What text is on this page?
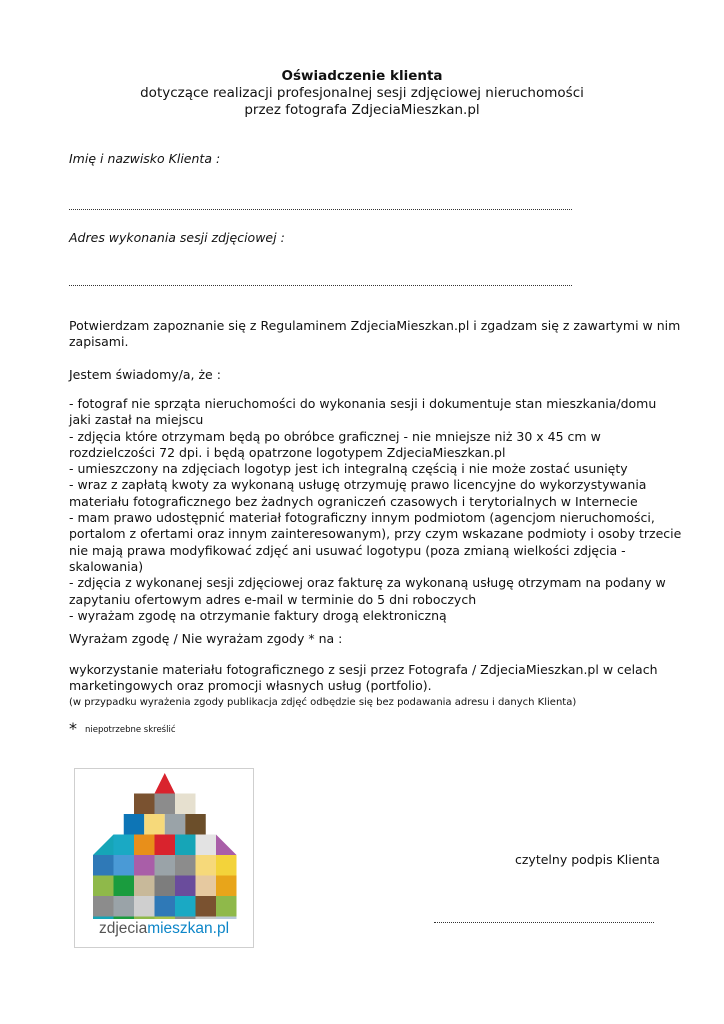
Oświadczenie klienta
dotyczące realizacji profesjonalnej sesji zdjęciowej nieruchomości
przez fotografa ZdjeciaMieszkan.pl
Imię i nazwisko Klienta :
Adres wykonania sesji zdjęciowej :
Potwierdzam zapoznanie się z Regulaminem ZdjeciaMieszkan.pl i zgadzam się z zawartymi w nim
zapisami.
Jestem świadomy/a, że :
- fotograf nie sprząta nieruchomości do wykonania sesji i dokumentuje stan mieszkania/domu
jaki zastał na miejscu
- zdjęcia które otrzymam będą po obróbce graficznej - nie mniejsze niż 30 x 45 cm w
rozdzielczości 72 dpi. i będą opatrzone logotypem ZdjeciaMieszkan.pl
- umieszczony na zdjęciach logotyp jest ich integralną częścią i nie może zostać usunięty
- wraz z zapłatą kwoty za wykonaną usługę otrzymuję prawo licencyjne do wykorzystywania
materiału fotograficznego bez żadnych ograniczeń czasowych i terytorialnych w Internecie
- mam prawo udostępnić materiał fotograficzny innym podmiotom (agencjom nieruchomości,
portalom z ofertami oraz innym zainteresowanym), przy czym wskazane podmioty i osoby trzecie
nie mają prawa modyfikować zdjęć ani usuwać logotypu (poza zmianą wielkości zdjęcia -
skalowania)
- zdjęcia z wykonanej sesji zdjęciowej oraz fakturę za wykonaną usługę otrzymam na podany w
zapytaniu ofertowym adres e-mail w terminie do 5 dni roboczych
- wyrażam zgodę na otrzymanie faktury drogą elektroniczną
Wyrażam zgodę / Nie wyrażam zgody * na :
wykorzystanie materiału fotograficznego z sesji przez Fotografa / ZdjeciaMieszkan.pl w celach
marketingowych oraz promocji własnych usług (portfolio).
(w przypadku wyrażenia zgody publikacja zdjęć odbędzie się bez podawania adresu i danych Klienta)
* niepotrzebne skreślić
zdjeciamieszkan.pl
czytelny podpis Klienta
